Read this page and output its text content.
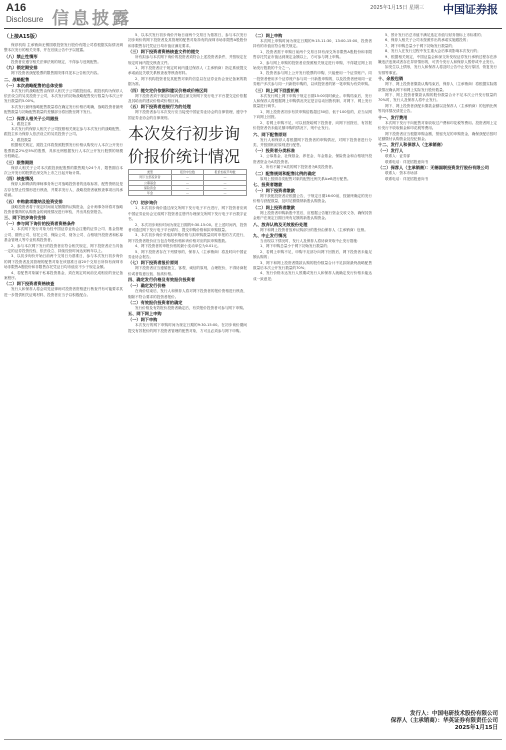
A16
Disclosure 信息披露
2025年1月15日 星期三 中国证券报
（上接A15版）

保荐机构 主承销商无锡国联投资发行股份有限公司将根据实际情况调整本次发行的相关安排，并在后续公告中予以披露。

（八）禁止性情形

投资者应遵守相关法律法规的规定，不得参与违规配售。

（九）锁定期安排

网下投资者获配股票的限售期安排详见本公告相关内容。

二、战略配售

（一）本次战略配售的总体安排

本次发行的战略配售由保荐人相关子公司跟投组成。跟投机构为保荐人依法设立的另类投资子公司，本次发行的初始战略配售发行数量为本次公开发行数量的5.00%。

本次发行最终战略配售数量将在确定发行价格后明确，战略投资者最终配售数量与初始配售数量的差额部分将回拨至网下发行。

（二）保荐人相关子公司跟投

1、跟投主体

本次发行的保荐人相关子公司按照相关规定参与本次发行的战略配售，跟投主体为保荐人依法设立的另类投资子公司。

2、跟投数量

根据相关规定，跟投主体将按照股票发行价格认购发行人本次公开发行股票数量2%至5%的股票，具体比例根据发行人本次公开发行股票的规模分档确定。

（三）限售期限

保荐人相关子公司本次跟投获配股票的限售期为24个月，限售期自本次公开发行的股票在深交所上市之日起开始计算。

（四）核查情况

保荐人和聘请的律师事务所已对战略投资者的选取标准、配售资格及是否存在禁止性情形进行核查，并要求发行人、战略投资者就核查事项出具承诺函。

（五）申购款项缴纳及验资安排

战略投资者将于规定时间前足额缴纳认购资金，会计师事务所将对战略投资者缴纳的认购资金的到账情况进行审验，并出具验资报告。

三、网下初步询价安排

（一）参与网下询价的投资者资格条件

1、本次网下发行对象为经中国证券业协会注册的证券公司、基金管理公司、期货公司、信托公司、保险公司、财务公司、合格境外投资者和私募基金管理人等专业机构投资者。

2、参与本次网下发行的投资者应符合相关规定，网下投资者应当具备一定的证券投资经验，依法设立、持续经营时间达到两年以上。

3、以初步询价开始日前两个交易日为基准日，参与本次发行初步询价的网下投资者及其管理的配售对象在该基准日前20个交易日所持有深圳市场非限售A股股份和非限售存托凭证日均市值应不少于规定金额。

4、若配售对象属于私募投资基金，须在规定时间前完成相应的登记备案程序。

（二）网下投资者资格核查

发行人和保荐人将会同见证律师对投资者资格进行核查并有可能要求其进一步提供相关证明材料，投资者应当予以积极配合。

5、以本次发行初步询价开始日前两个交易日为基准日，参与本次发行初步询价的网下投资者及其管理的配售对象持有的深圳市场非限售A股股份和非限售存托凭证日均市值应满足要求。

（三）网下投资者资格核查文件的提交

所有拟参与本次网下询价的投资者须符合上述投资者条件，并按规定在规定时间内提交核查文件。

1、网下投资者应于规定时间内通过保荐人（主承销商）指定系统提交承诺函及关联关系核查表等核查材料。

2、网下机构投资者及其配售对象的信息以在证券业协会登记备案的数据为准。

（四）提交定价依据和建议价格或价格区间

网下投资者须于规定时间内通过深交所网下发行电子平台提交定价依据及其给出的建议价格或价格区间。

（五）网下投资者违规行为的处理

网下投资者参与本次发行应当接受中国证券业协会的自律管理，遵守中国证券业协会的自律规则。

本次发行初步询价报价统计情况
类型	报价中位数	报价加权平均数
网下全部投资者	—	—
公募基金	—	—
保险资金	—	—
年金	—	—

（六）初步询价

1、本次初步询价通过深交所网下发行电子平台进行，网下投资者应到中国证券业协会完成网下投资者注册并办理深交所网下发行电子平台数字证书。

2、本次初步询价时间为规定日期的9:30-15:00。在上述时间内，投资者可通过网下发行电子平台填写、提交申购价格和拟申购数量。

3、本次初步询价采取拟申购价格与拟申购数量同时申报的方式进行，网下投资者报价应当包含每股价格和该价格对应的拟申购股数。

4、网下投资者的申报价格的最小变动单位为0.01元。

5、网下投资者存在下列情形的，保荐人（主承销商）将及时向中国证券业协会报告。

（七）网下投资者报价原则

网下投资者应当遵循独立、客观、诚信的原则，合理报价，不得协商报价或者故意压低、抬高价格。

四、确定发行价格及有效报价投资者

（一）确定发行价格

在询价结束后，发行人和保荐人将对网下投资者的报价资格进行核查，剔除不符合要求的投资者报价。

（二）有效报价投资者的确定

发行价格及有效报价投资者确定后，有效报价投资者可参与网下申购。

五、网下网上申购

（一）网下申购

本次发行的网下申购时间为规定日期的9:30-15:00。在初步询价期间提交有效报价的网下投资者管理的配售对象，方可且必须参与网下申购。

（二）网上申购

本次网上申购时间为规定日期的9:15-11:30、13:00-15:00，投资者持有的市值应符合相关规定。

1、投资者需于申购日前两个交易日持有深交所非限售A股股份和非限售存托凭证市值达到规定金额以上，方可参与网上申购。

2、参与网上申购的投资者应按照相关规定进行申购，不得超过网上初始发行股数的千分之一。

3、投资者参与网上公开发行股票的申购，只能使用一个证券账户。同一投资者使用多个证券账户参与同一只新股申购的，以及投资者使用同一证券账户多次参与同一只新股申购的，以该投资者的第一笔申购为有效申购。

（三）网上网下回拨机制

本次发行网上网下申购于规定日期15:00同时截止。申购结束后，发行人和保荐人将根据网上申购情况决定是否启动回拨机制，对网下、网上发行数量进行调节。

1、网上投资者初步有效申购倍数超过50倍、低于100倍的，应当从网下向网上回拨。

2、若网上申购不足，可以回拨给网下投资者，向网下回拨后，有效报价投资者仍未能足额申购的情况下，则中止发行。

六、网下配售原则

发行人和保荐人将根据网下投资者的申购情况，对网下投资者进行分类，并按照相应原则进行配售。

（一）投资者分类标准

1、公募基金、社保基金、养老金、年金基金、保险资金和合格境外投资者资金为A类投资者。

2、所有不属于A类的网下投资者为B类投资者。

（二）配售规则和配售比例的确定

原则上按照各类配售对象的配售比例关系A≥B进行配售。

七、投资者缴款

（一）网下投资者缴款

网下获配投资者应根据公告，于规定日期16:00前，按最终确定的发行价格与获配数量，及时足额缴纳新股认购资金。

（二）网上投资者缴款

网上投资者申购新股中签后，应根据公告履行资金交收义务，确保其资金账户在规定日期日终有足额的新股认购资金。

八、放弃认购及无效股份处理

网下和网上投资者放弃认购部分的股份由保荐人（主承销商）包销。

九、中止发行情况

当出现以下情况时，发行人及保荐人将协商采取中止发行措施：

1、网下申购总量小于网下初始发行数量的；

2、若网上申购不足，申购不足部分向网下回拨后，网下投资者未能足额认购的；

3、网下和网上投资者缴款认购的股份数量合计不足扣除最终战略配售数量后本次公开发行数量的70%；

4、发行价格未达发行人预期或发行人和保荐人就确定发行价格未能达成一致意见；

5、预计发行后总市值不满足选定市值与财务指标上市标准的；

6、保荐人相关子公司未按照作出的承诺实施跟投的；

7、网下申购总量小于网下初始发行数量的；

8、发行人在发行过程中发生重大会后事项影响本次发行的；

9、根据相关规定，中国证监会和深交所发现证券发行承销过程存在涉嫌违法违规或者存在异常情形的，可责令发行人和保荐人暂停或中止发行。

如发生以上情形，发行人和保荐人将及时公告中止发行原因、恢复发行安排等事宜。

十、余股包销

网下、网上投资者缴款认购结束后，保荐人（主承销商）将根据实际缴款情况确认网下和网上实际发行股份数量。

网下、网上投资者缴款认购的股份数量合计不足本次公开发行数量的70%时，发行人及保荐人将中止发行。

网下、网上投资者获配未缴款金额以及保荐人（主承销商）的包销比例等具体情况请见公告。

十一、发行费用

本次网下发行不向配售对象收取过户费和印花税等费用。投资者网上定价发行不收取佣金和印花税等费用。

网下投资者应当根据申购金额，预留充足的申购资金，确保获配后按时足额缴付认购资金及经纪佣金。

十二、发行人和保荐人（主承销商）

（一）发行人

联系人：证券部

联系电话：详见招股意向书

（二）保荐人（主承销商）：无锡国联投资发行股份有限公司

联系人：资本市场部

联系电话：详见招股意向书

发行人：中国电研技术股份有限公司
保荐人（主承销商）：华英证券有限责任公司
2025年1月15日
